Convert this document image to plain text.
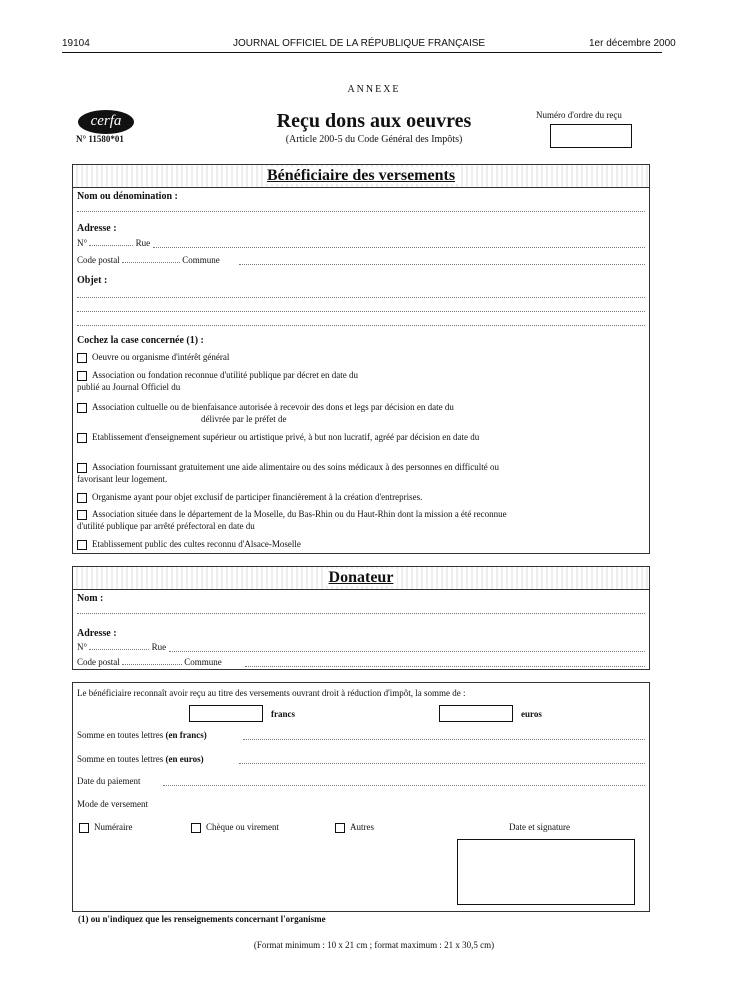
19104	JOURNAL OFFICIEL DE LA RÉPUBLIQUE FRANÇAISE	1er décembre 2000
ANNEXE
cerfa
N° 11580*01
Reçu dons aux oeuvres
(Article 200-5 du Code Général des Impôts)
Numéro d'ordre du reçu
Bénéficiaire des versements
Nom ou dénomination :
Adresse :
N°	Rue
Code postal	Commune
Objet :
Cochez la case concernée (1) :
Oeuvre ou organisme d'intérêt général
Association ou fondation reconnue d'utilité publique par décret en date du
publié au Journal Officiel du
Association cultuelle ou de bienfaisance autorisée à recevoir des dons et legs par décision en date du
délivrée par le préfet de
Etablissement d'enseignement supérieur ou artistique privé, à but non lucratif, agréé par décision en date du
Association fournissant gratuitement une aide alimentaire ou des soins médicaux à des personnes en difficulté ou
favorisant leur logement.
Organisme ayant pour objet exclusif de participer financièrement à la création d'entreprises.
Association située dans le département de la Moselle, du Bas-Rhin ou du Haut-Rhin dont la mission a été reconnue
d'utilité publique par arrêté préfectoral en date du
Etablissement public des cultes reconnu d'Alsace-Moselle
Donateur
Nom :
Adresse :
N°	Rue
Code postal	Commune
Le bénéficiaire reconnaît avoir reçu au titre des versements ouvrant droit à réduction d'impôt, la somme de :
francs	euros
Somme en toutes lettres (en francs)
Somme en toutes lettres (en euros)
Date du paiement
Mode de versement
Numéraire	Chèque ou virement	Autres	Date et signature
(1) ou n'indiquez que les renseignements concernant l'organisme
(Format minimum : 10 x 21 cm ; format maximum : 21 x 30,5 cm)
